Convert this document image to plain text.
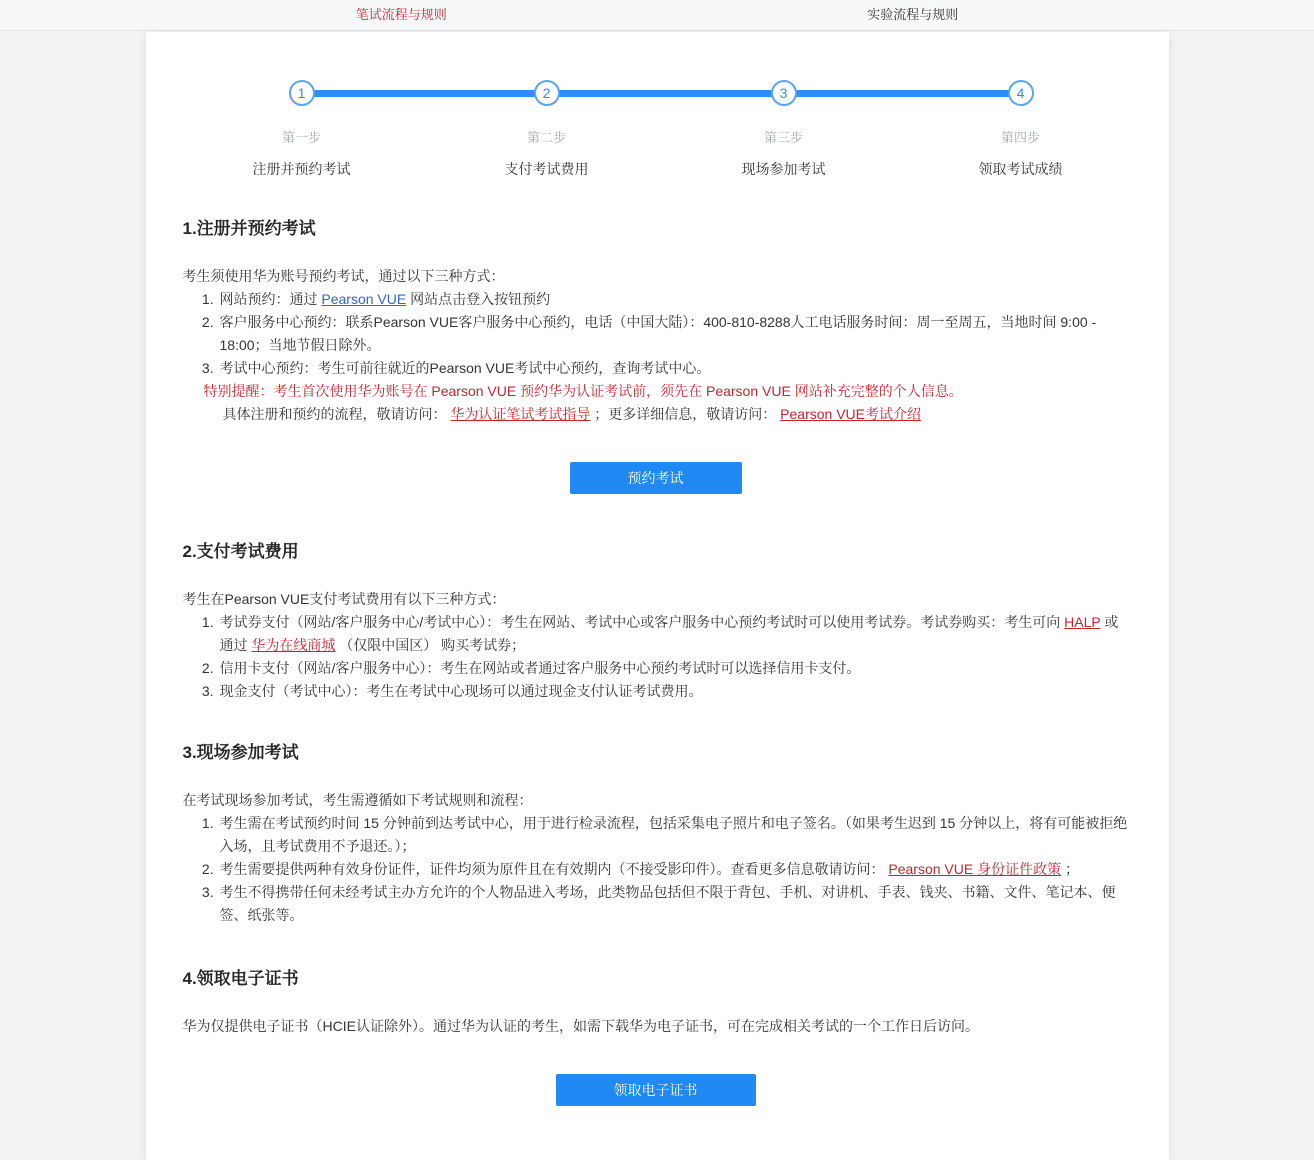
笔试流程与规则	实验流程与规则
1
第一步
注册并预约考试
2
第二步
支付考试费用
3
第三步
现场参加考试
4
第四步
领取考试成绩
1.注册并预约考试

考生须使用华为账号预约考试，通过以下三种方式：

1. 网站预约：通过 Pearson VUE 网站点击登入按钮预约
2. 客户服务中心预约：联系Pearson VUE客户服务中心预约，电话（中国大陆）：400-810-8288人工电话服务时间：周一至周五，当地时间 9:00 - 18:00；当地节假日除外。
3. 考试中心预约：考生可前往就近的Pearson VUE考试中心预约，查询考试中心。
特别提醒：考生首次使用华为账号在 Pearson VUE 预约华为认证考试前，须先在 Pearson VUE 网站补充完整的个人信息。
具体注册和预约的流程，敬请访问： 华为认证笔试考试指导 ；更多详细信息，敬请访问： Pearson VUE考试介绍
预约考试
2.支付考试费用

考生在Pearson VUE支付考试费用有以下三种方式：

1. 考试券支付（网站/客户服务中心/考试中心）：考生在网站、考试中心或客户服务中心预约考试时可以使用考试券。考试券购买：考生可向 HALP 或通过 华为在线商城 （仅限中国区） 购买考试券；
2. 信用卡支付（网站/客户服务中心）：考生在网站或者通过客户服务中心预约考试时可以选择信用卡支付。
3. 现金支付（考试中心）：考生在考试中心现场可以通过现金支付认证考试费用。
3.现场参加考试

在考试现场参加考试，考生需遵循如下考试规则和流程：

1. 考生需在考试预约时间 15 分钟前到达考试中心，用于进行检录流程，包括采集电子照片和电子签名。（如果考生迟到 15 分钟以上，将有可能被拒绝入场，且考试费用不予退还。）；
2. 考生需要提供两种有效身份证件，证件均须为原件且在有效期内（不接受影印件）。查看更多信息敬请访问： Pearson VUE 身份证件政策 ；
3. 考生不得携带任何未经考试主办方允许的个人物品进入考场，此类物品包括但不限于背包、手机、对讲机、手表、钱夹、书籍、文件、笔记本、便签、纸张等。
4.领取电子证书

华为仅提供电子证书（HCIE认证除外）。通过华为认证的考生，如需下载华为电子证书，可在完成相关考试的一个工作日后访问。

领取电子证书
